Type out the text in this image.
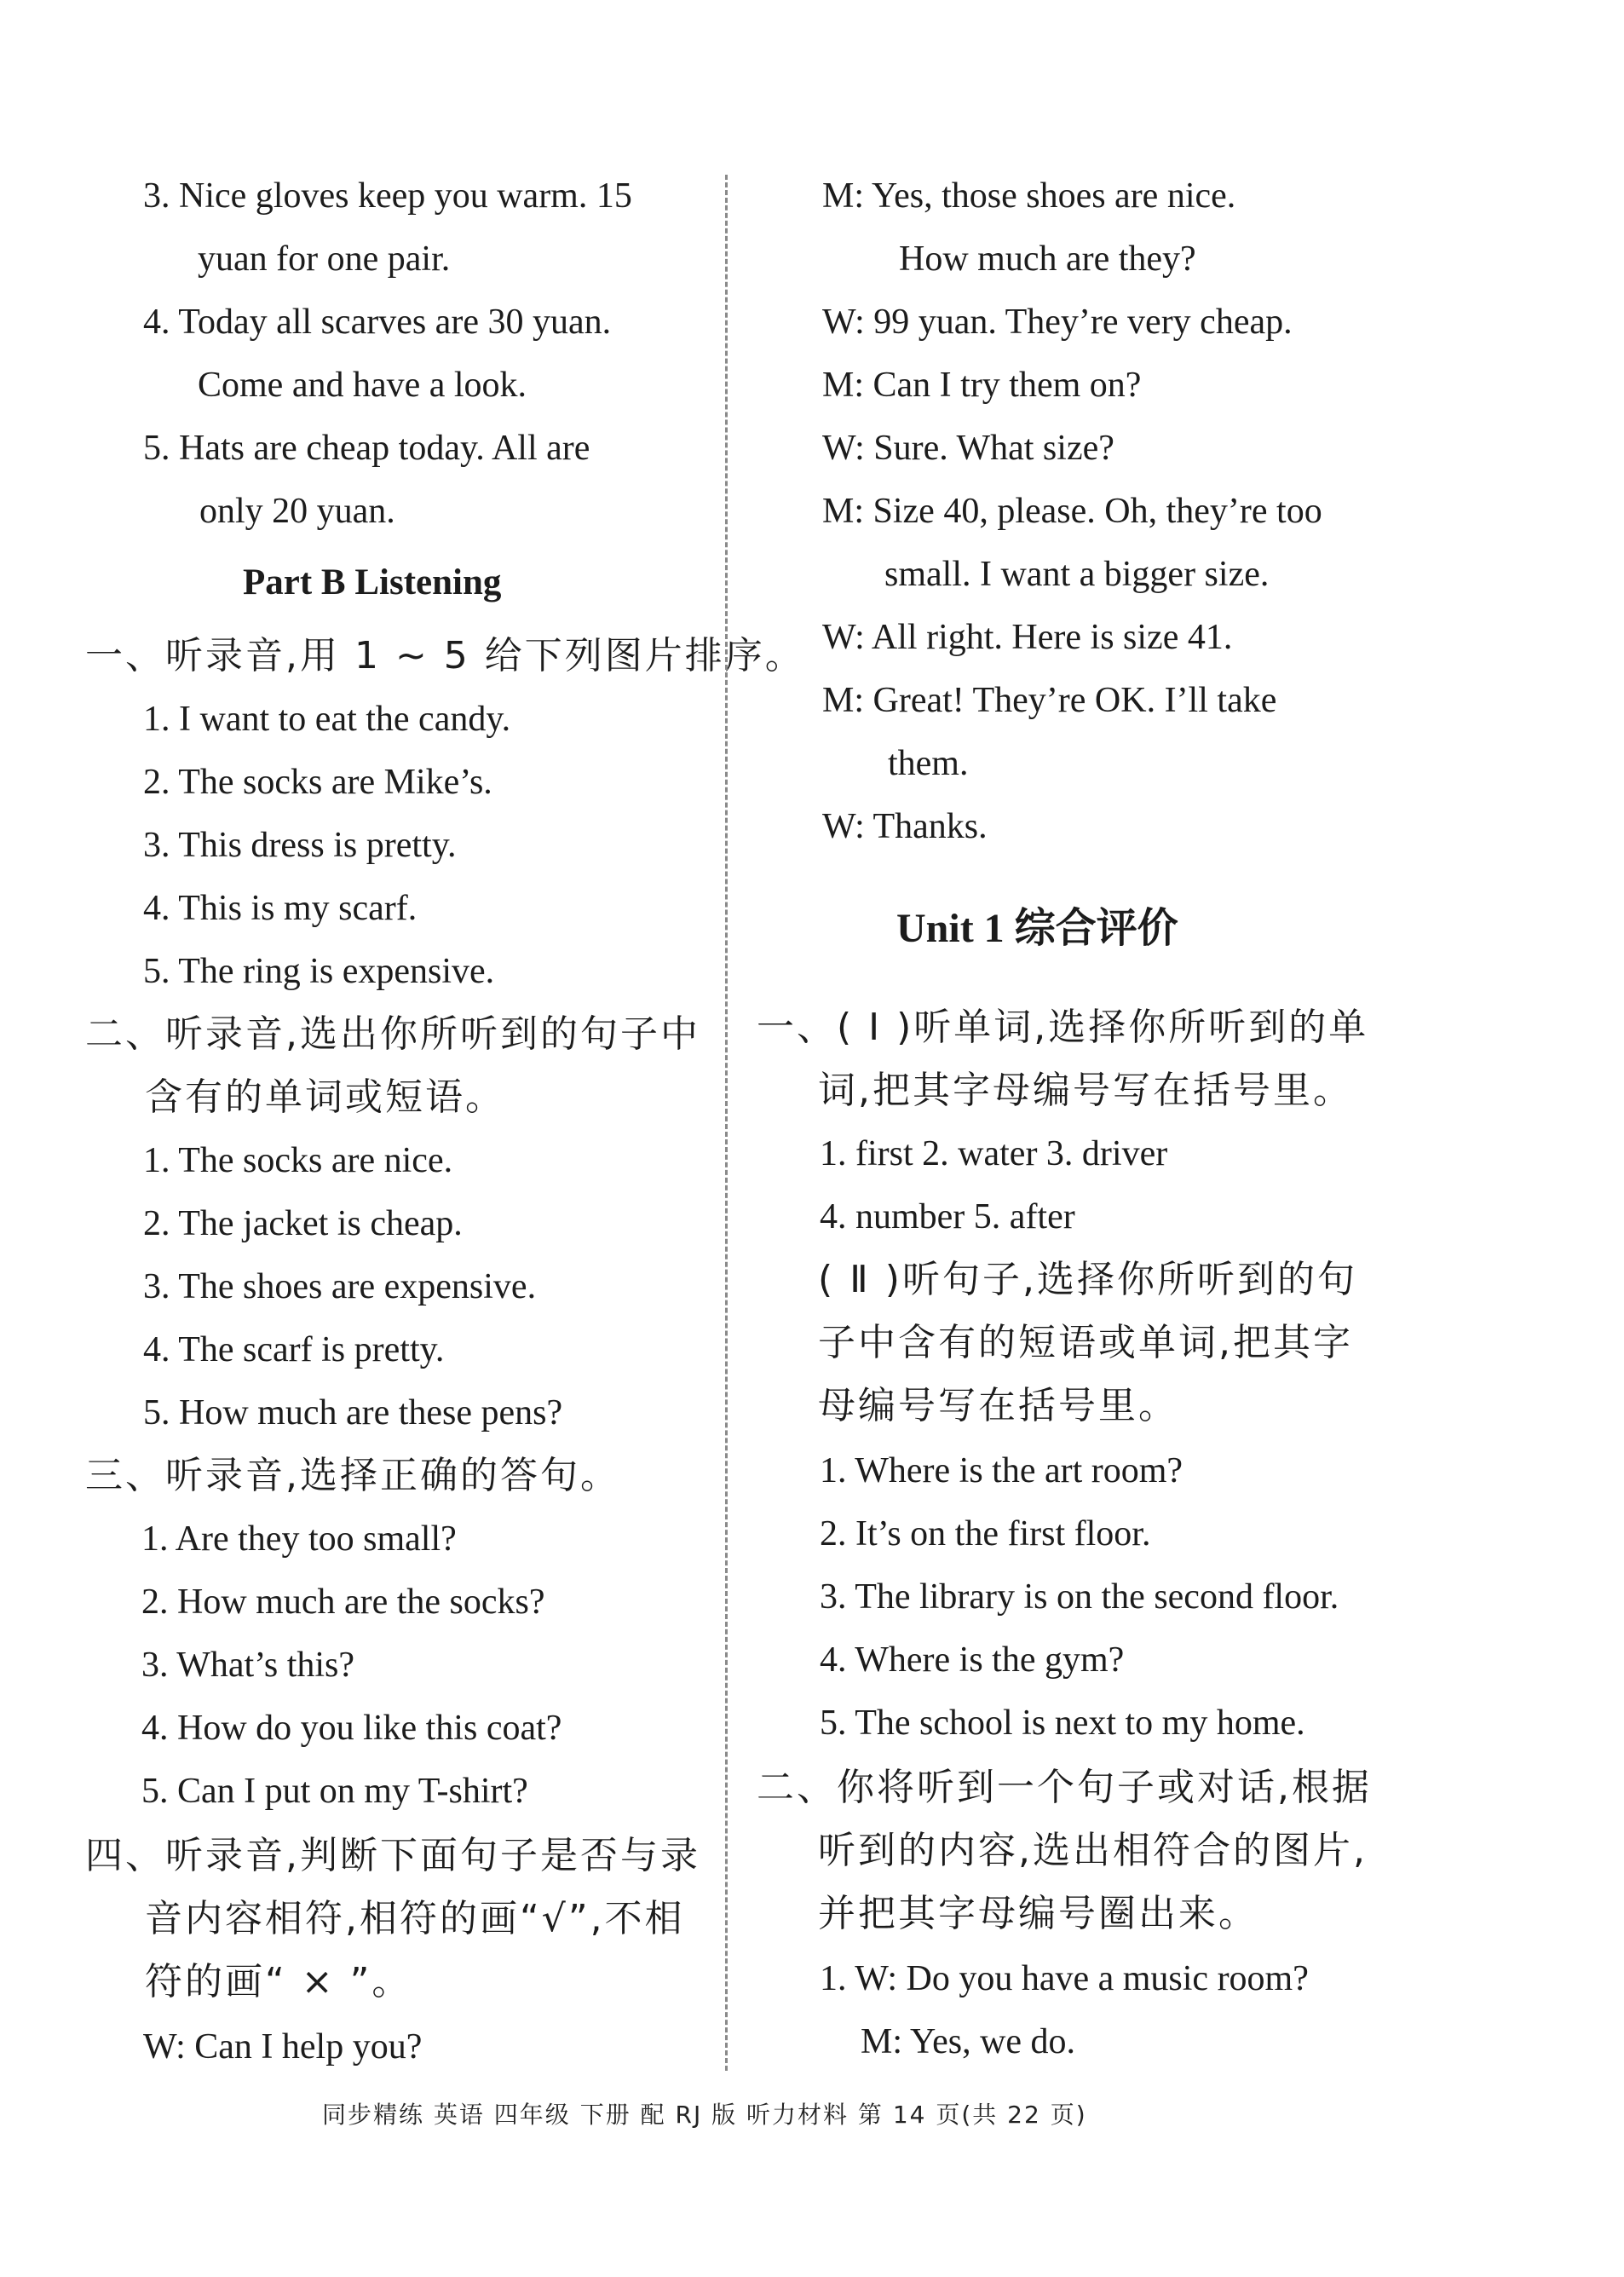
3. Nice gloves keep you warm. 15
yuan for one pair.
4. Today all scarves are 30 yuan.
Come and have a look.
5. Hats are cheap today. All are
only 20 yuan.
Part B Listening
一、听录音,用 1 ~ 5 给下列图片排序。
1. I want to eat the candy.
2. The socks are Mike’s.
3. This dress is pretty.
4. This is my scarf.
5. The ring is expensive.
二、听录音,选出你所听到的句子中
含有的单词或短语。
1. The socks are nice.
2. The jacket is cheap.
3. The shoes are expensive.
4. The scarf is pretty.
5. How much are these pens?
三、听录音,选择正确的答句。
1. Are they too small?
2. How much are the socks?
3. What’s this?
4. How do you like this coat?
5. Can I put on my T-shirt?
四、听录音,判断下面句子是否与录
音内容相符,相符的画“√”,不相
符的画“ × ”。
W: Can I help you?
M: Yes, those shoes are nice.
How much are they?
W: 99 yuan. They’re very cheap.
M: Can I try them on?
W: Sure. What size?
M: Size 40, please. Oh, they’re too
small. I want a bigger size.
W: All right. Here is size 41.
M: Great! They’re OK. I’ll take
them.
W: Thanks.
Unit 1 综合评价
一、( Ⅰ )听单词,选择你所听到的单
词,把其字母编号写在括号里。
1. first 2. water 3. driver
4. number 5. after
( Ⅱ )听句子,选择你所听到的句
子中含有的短语或单词,把其字
母编号写在括号里。
1. Where is the art room?
2. It’s on the first floor.
3. The library is on the second floor.
4. Where is the gym?
5. The school is next to my home.
二、你将听到一个句子或对话,根据
听到的内容,选出相符合的图片,
并把其字母编号圈出来。
1. W: Do you have a music room?
M: Yes, we do.
同步精练 英语 四年级 下册 配 RJ 版 听力材料 第 14 页(共 22 页)
